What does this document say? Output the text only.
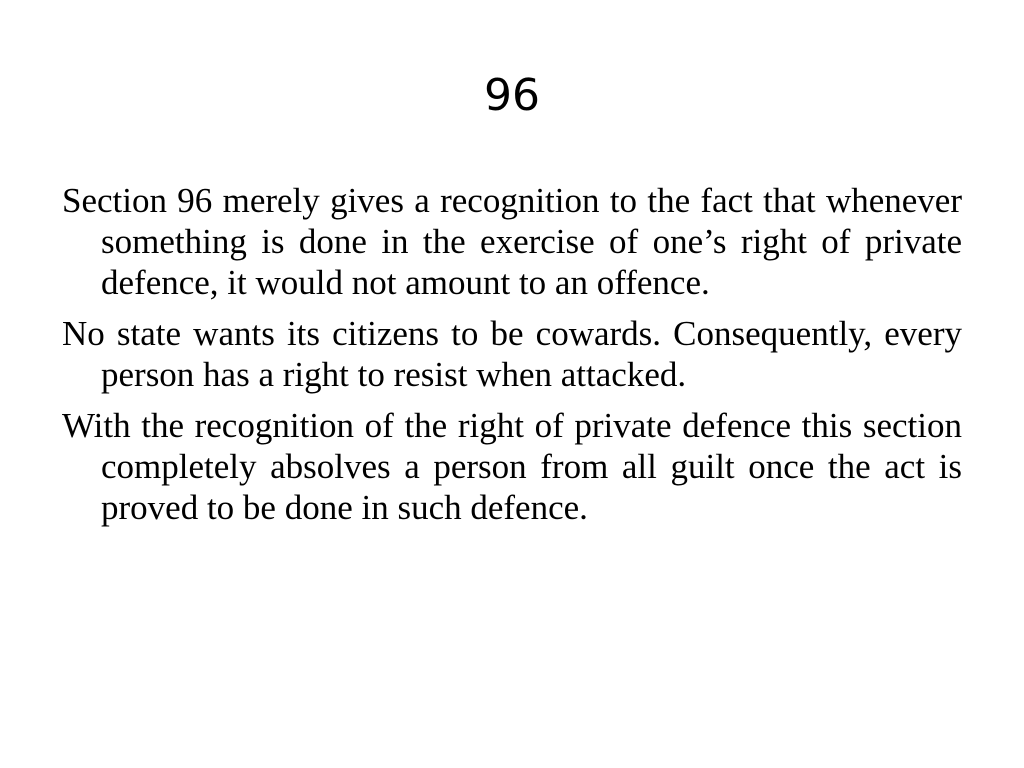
96

Section 96 merely gives a recognition to the fact that whenever something is done in the exercise of one’s right of private defence, it would not amount to an offence.

No state wants its citizens to be cowards. Consequently, every person has a right to resist when attacked.

With the recognition of the right of private defence this section completely absolves a person from all guilt once the act is proved to be done in such defence.
